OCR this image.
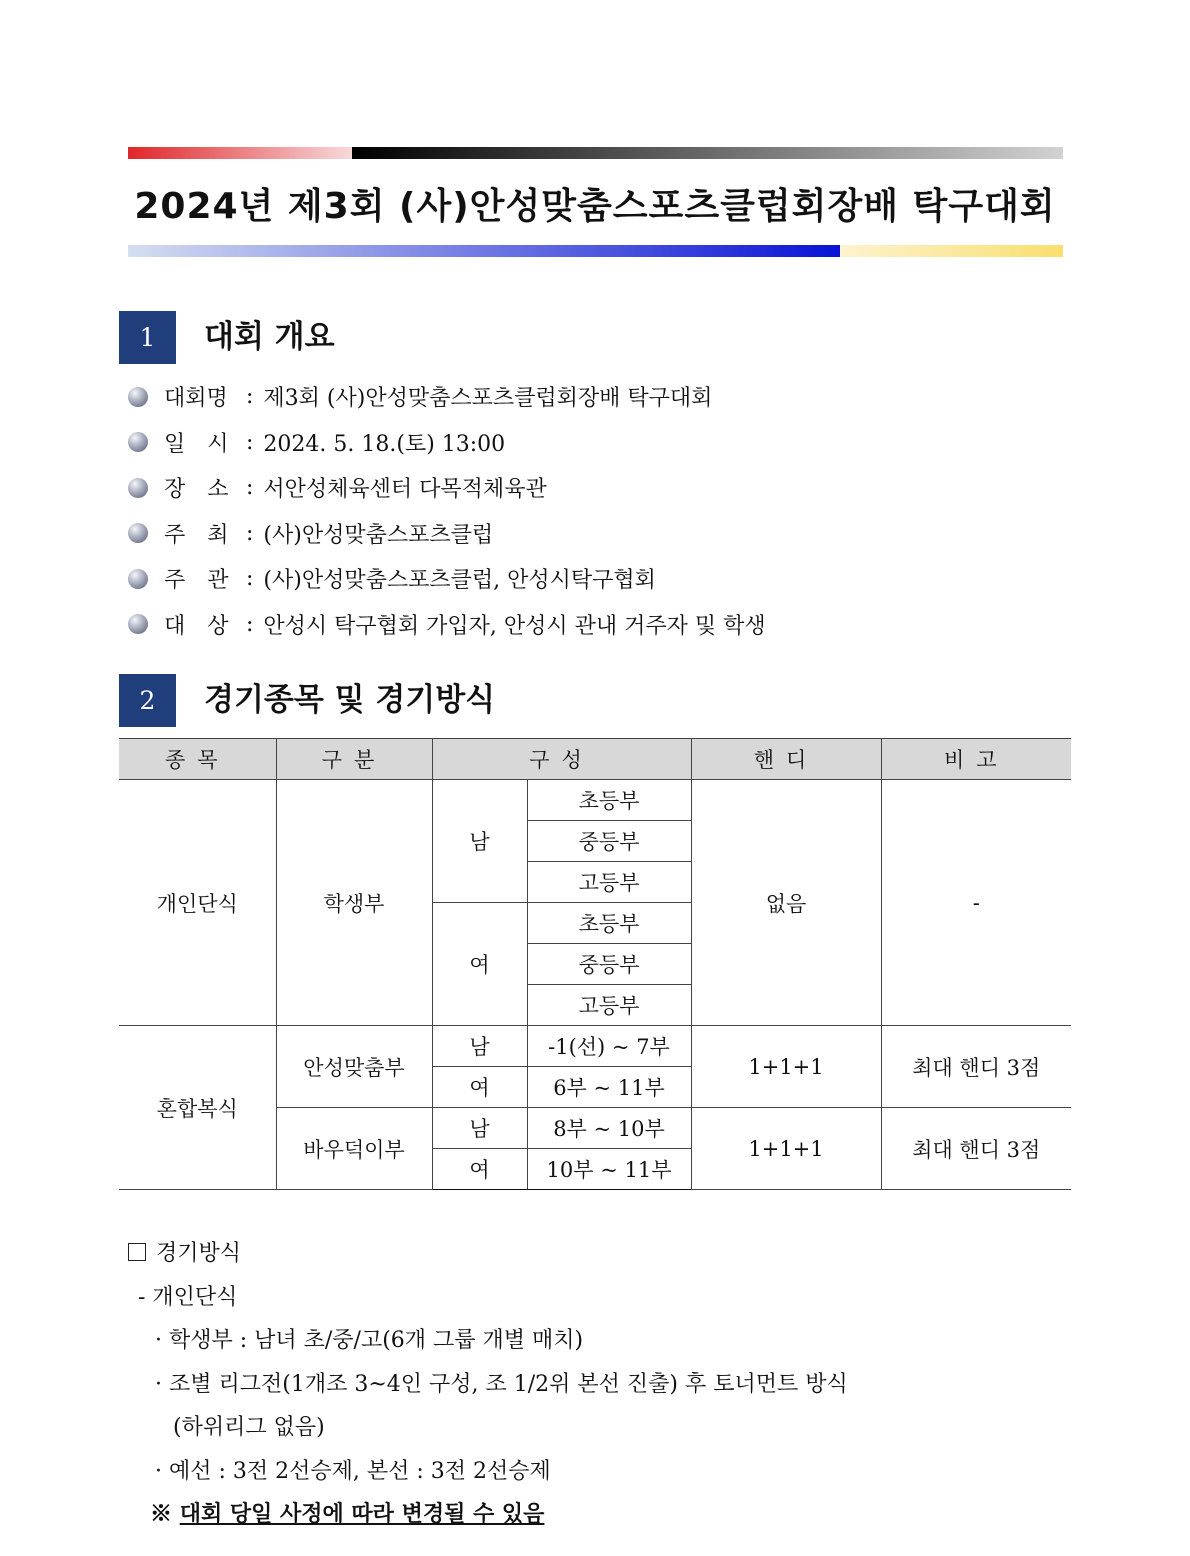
2024년 제3회 (사)안성맞춤스포츠클럽회장배 탁구대회
1	대회 개요
대회명 : 제3회 (사)안성맞춤스포츠클럽회장배 탁구대회
일　시 : 2024. 5. 18.(토) 13:00
장　소 : 서안성체육센터 다목적체육관
주　최 : (사)안성맞춤스포츠클럽
주　관 : (사)안성맞춤스포츠클럽, 안성시탁구협회
대　상 : 안성시 탁구협회 가입자, 안성시 관내 거주자 및 학생
2	경기종목 및 경기방식
종목	구분	구성		핸디	비고
개인단식	학생부	남	초등부	없음	-
			중등부		
			고등부		
		여	초등부		
			중등부		
			고등부		
혼합복식	안성맞춤부	남	-1(선) ~ 7부	1+1+1	최대 핸디 3점
		여	6부 ~ 11부		
	바우덕이부	남	8부 ~ 10부	1+1+1	최대 핸디 3점
		여	10부 ~ 11부		
경기방식
- 개인단식
· 학생부 : 남녀 초/중/고(6개 그룹 개별 매치)
· 조별 리그전(1개조 3~4인 구성, 조 1/2위 본선 진출) 후 토너먼트 방식
(하위리그 없음)
· 예선 : 3전 2선승제, 본선 : 3전 2선승제
※ 대회 당일 사정에 따라 변경될 수 있음
